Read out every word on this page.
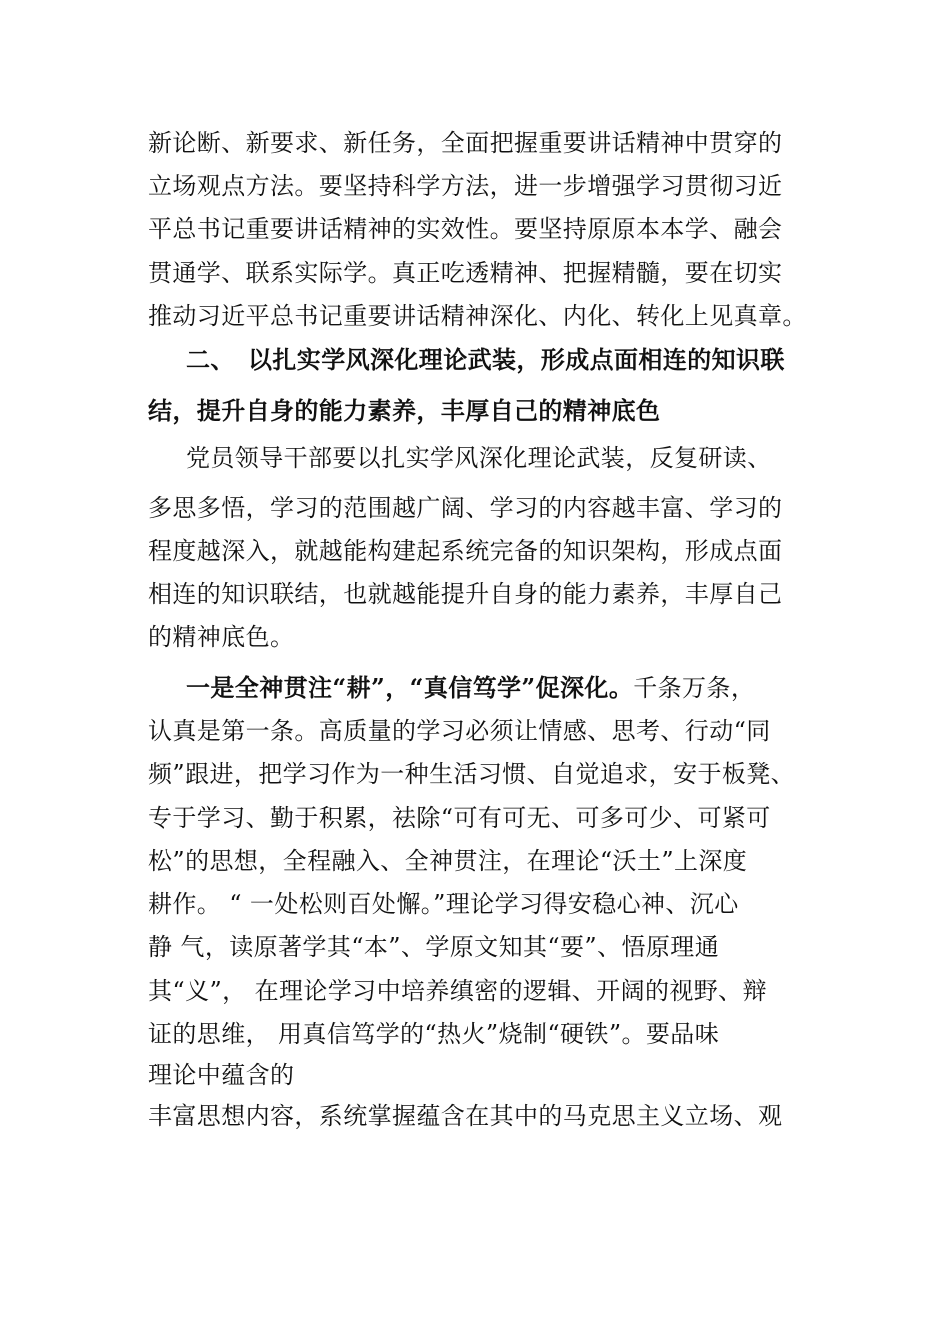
新论断、新要求、新任务，全面把握重要讲话精神中贯穿的
立场观点方法。要坚持科学方法，进一步增强学习贯彻习近
平总书记重要讲话精神的实效性。要坚持原原本本学、融会
贯通学、联系实际学。真正吃透精神、把握精髓，要在切实
推动习近平总书记重要讲话精神深化、内化、转化上见真章。
二、 以扎实学风深化理论武装，形成点面相连的知识联
结，提升自身的能力素养，丰厚自己的精神底色
党员领导干部要以扎实学风深化理论武装，反复研读、
多思多悟，学习的范围越广阔、学习的内容越丰富、学习的
程度越深入，就越能构建起系统完备的知识架构，形成点面
相连的知识联结，也就越能提升自身的能力素养，丰厚自己
的精神底色。
一是全神贯注“耕”，“真信笃学”促深化。千条万条，
认真是第一条。高质量的学习必须让情感、思考、行动“同
频”跟进，把学习作为一种生活习惯、自觉追求，安于板凳、
专于学习、勤于积累，祛除“可有可无、可多可少、可紧可
松”的思想，全程融入、全神贯注，在理论“沃土”上深度
耕作。 “ 一处松则百处懈。”理论学习得安稳心神、沉心
静 气，读原著学其“本”、学原文知其“要”、悟原理通
其“义”， 在理论学习中培养缜密的逻辑、开阔的视野、辩
证的思维， 用真信笃学的“热火”烧制“硬铁”。要品味
理论中蕴含的
丰富思想内容，系统掌握蕴含在其中的马克思主义立场、观
